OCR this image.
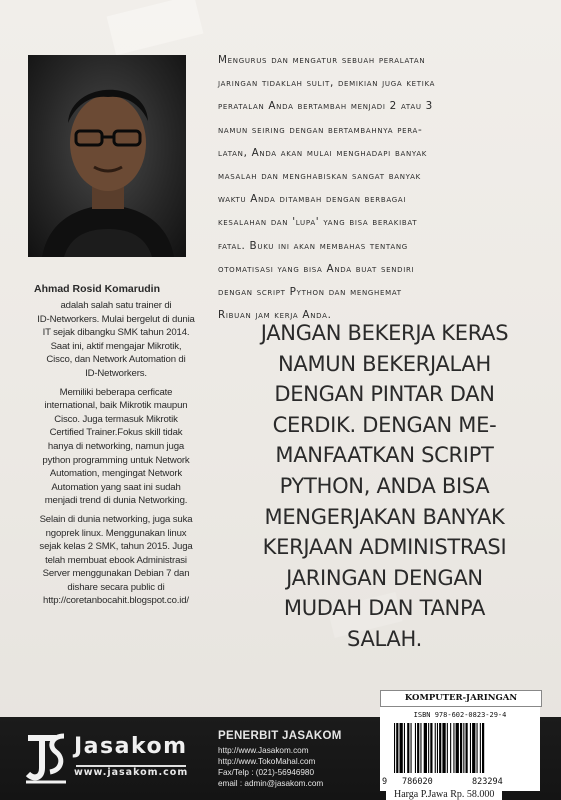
Ahmad Rosid Komarudin
adalah salah satu trainer di
ID-Networkers. Mulai bergelut di dunia
IT sejak dibangku SMK tahun 2014.
Saat ini, aktif mengajar Mikrotik,
Cisco, dan Network Automation di
ID-Networkers.
Memiliki beberapa cerficate
international, baik Mikrotik maupun
Cisco. Juga termasuk Mikrotik
Certified Trainer.Fokus skill tidak
hanya di networking, namun juga
python programming untuk Network
Automation, mengingat Network
Automation yang saat ini sudah
menjadi trend di dunia Networking.
Selain di dunia networking, juga suka
ngoprek linux. Menggunakan linux
sejak kelas 2 SMK, tahun 2015. Juga
telah membuat ebook Administrasi
Server menggunakan Debian 7 dan
dishare secara public di
http://coretanbocahit.blogspot.co.id/
Mengurus dan mengatur sebuah peralatan
jaringan tidaklah sulit, demikian juga ketika
peratalan Anda bertambah menjadi 2 atau 3
namun seiring dengan bertambahnya pera-
latan, Anda akan mulai menghadapi banyak
masalah dan menghabiskan sangat banyak
waktu Anda ditambah dengan berbagai
kesalahan dan 'lupa' yang bisa berakibat
fatal. Buku ini akan membahas tentang
otomatisasi yang bisa Anda buat sendiri
dengan script Python dan menghemat
Ribuan jam kerja Anda.
JANGAN BEKERJA KERAS
NAMUN BEKERJALAH
DENGAN PINTAR DAN
CERDIK. DENGAN ME-
MANFAATKAN SCRIPT
PYTHON, ANDA BISA
MENGERJAKAN BANYAK
KERJAAN ADMINISTRASI
JARINGAN DENGAN
MUDAH DAN TANPA
SALAH.
Jasakom
www.jasakom.com
PENERBIT JASAKOM
http://www.Jasakom.com
http://www.TokoMahal.com
Fax/Telp : (021)-56946980
email : admin@jasakom.com
KOMPUTER-JARINGAN
ISBN 978-602-0823-29-4
9 786020	823294
Harga P.Jawa Rp. 58.000
